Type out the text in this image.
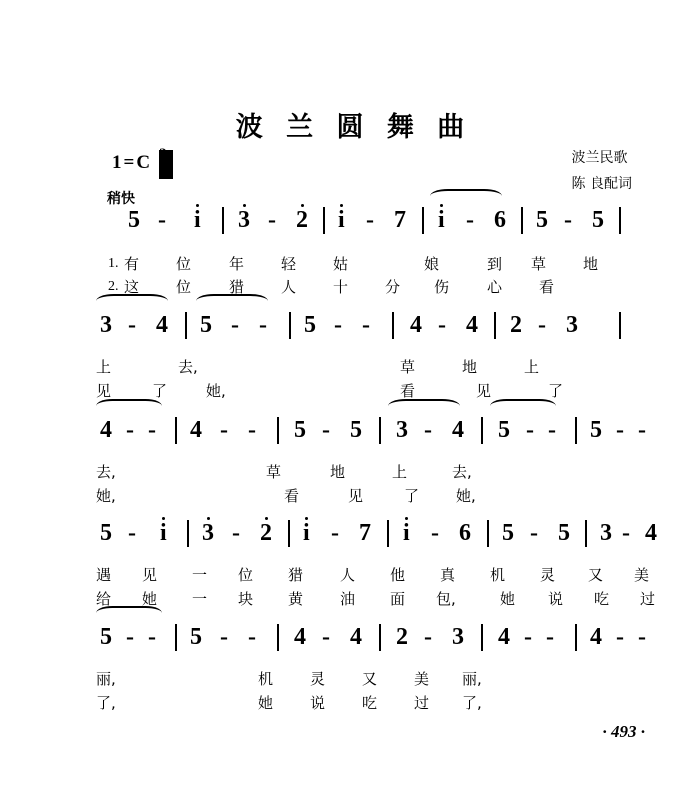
波 兰 圆 舞 曲
1 = C	波兰民歌
陈 良配词
稍快
5 - i 3 - 2 i - 7 i - 6 5 - 5
1. 有 位	年 轻 姑	娘	到 草 地
2. 这 位	猎 人 十 分 伤	心 看
3 - 4 5 - - 5 - - 4 - 4 2 - 3
上	去,	草	地	上
见	了	她,	看	见	了
4 - - 4 - - 5 - 5 3 - 4 5 - - 5 - -
去,	草	地	上	去,
她,	看	见	了 她,
5 - i 3 - 2 i - 7 i - 6 5 - 5 3 - 4
遇 见 一 位 猎 人 他 真 机 灵 又 美
给 她 一 块 黄 油 面 包,	她 说 吃 过
5 - - 5 - - 4 - 4 2 - 3 4 - - 4 - -
丽,	机 灵 又 美 丽,
了,	她 说 吃 过 了,
· 493 ·
